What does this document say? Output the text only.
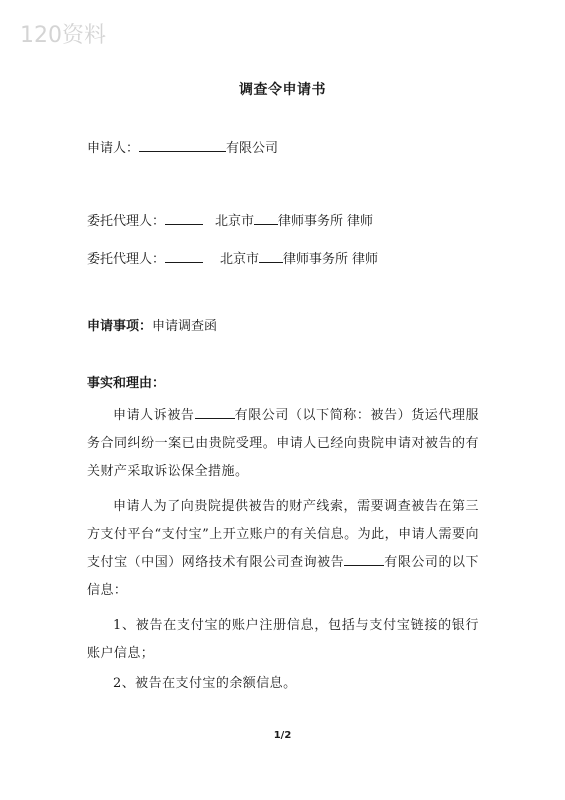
120资料
调查令申请书
申请人：	有限公司
委托代理人：	北京市 律师事务所 律师
委托代理人：	北京市 律师事务所 律师
申请事项：申请调查函
事实和理由：
申请人诉被告	有限公司（以下简称：被告）货运代理服务合同纠纷一案已由贵院受理。申请人已经向贵院申请对被告的有关财产采取诉讼保全措施。
申请人为了向贵院提供被告的财产线索，需要调查被告在第三方支付平台“支付宝”上开立账户的有关信息。为此，申请人需要向支付宝（中国）网络技术有限公司查询被告	有限公司的以下信息：
1、被告在支付宝的账户注册信息，包括与支付宝链接的银行账户信息；
2、被告在支付宝的余额信息。
1/2
